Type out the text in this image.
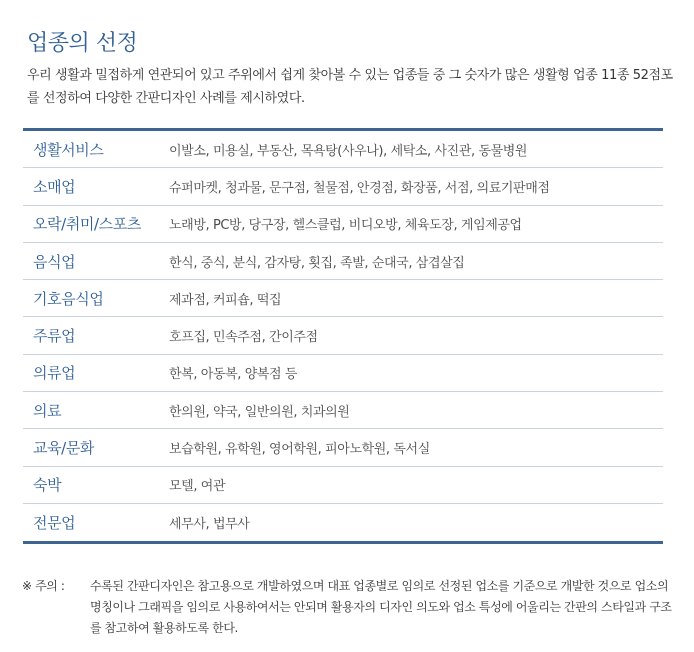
업종의 선정
우리 생활과 밀접하게 연관되어 있고 주위에서 쉽게 찾아볼 수 있는 업종들 중 그 숫자가 많은 생활형 업종 11종 52점포를 선정하여 다양한 간판디자인 사례를 제시하였다.
생활서비스	이발소, 미용실, 부동산, 목욕탕(사우나), 세탁소, 사진관, 동물병원
소매업	슈퍼마켓, 청과물, 문구점, 철물점, 안경점, 화장품, 서점, 의료기판매점
오락/취미/스포츠	노래방, PC방, 당구장, 헬스클럽, 비디오방, 체육도장, 게임제공업
음식업	한식, 중식, 분식, 감자탕, 횟집, 족발, 순대국, 삼겹살집
기호음식업	제과점, 커피숍, 떡집
주류업	호프집, 민속주점, 간이주점
의류업	한복, 아동복, 양복점 등
의료	한의원, 약국, 일반의원, 치과의원
교육/문화	보습학원, 유학원, 영어학원, 피아노학원, 독서실
숙박	모텔, 여관
전문업	세무사, 법무사
※ 주의 :	수록된 간판디자인은 참고용으로 개발하였으며 대표 업종별로 임의로 선정된 업소를 기준으로 개발한 것으로 업소의 명칭이나 그래픽을 임의로 사용하여서는 안되며 활용자의 디자인 의도와 업소 특성에 어울리는 간판의 스타일과 구조를 참고하여 활용하도록 한다.
